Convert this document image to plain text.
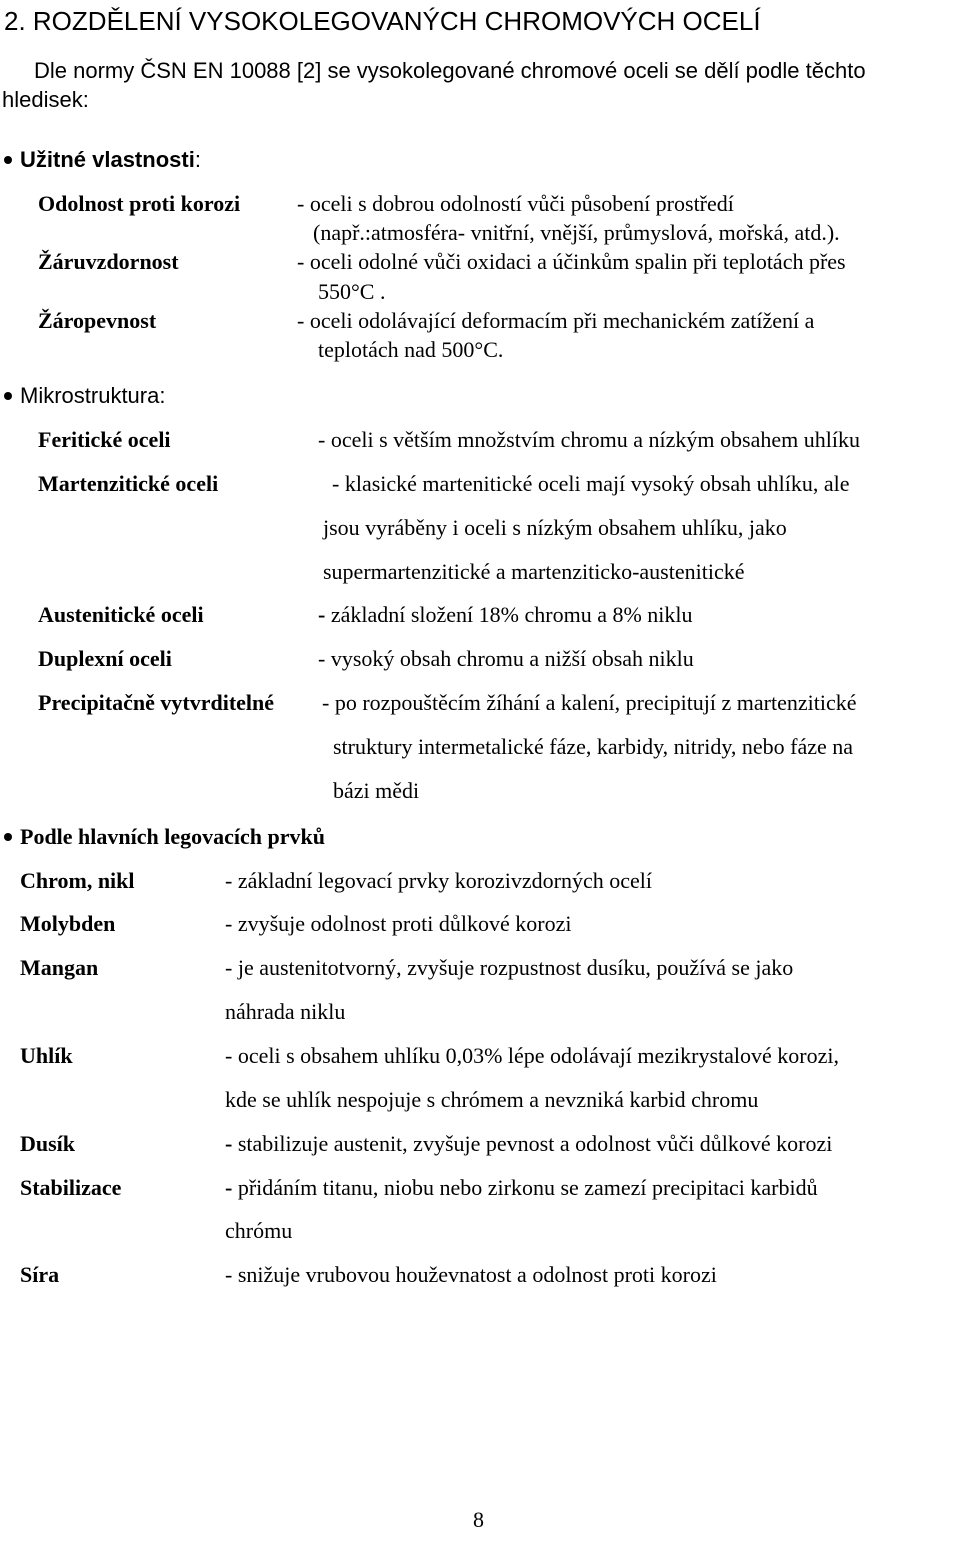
2. ROZDĚLENÍ VYSOKOLEGOVANÝCH CHROMOVÝCH OCELÍ
Dle normy ČSN EN 10088 [2] se vysokolegované chromové oceli se dělí podle těchto
hledisek:
Užitné vlastnosti:
Odolnost proti korozi	- oceli s dobrou odolností vůči působení prostředí
(např.:atmosféra- vnitřní, vnější, průmyslová, mořská, atd.).
Žáruvzdornost	- oceli odolné vůči oxidaci a účinkům spalin při teplotách přes
550°C .
Žáropevnost	- oceli odolávající deformacím při mechanickém zatížení a
teplotách nad 500°C.
Mikrostruktura:
Feritické oceli	- oceli s větším množstvím chromu a nízkým obsahem uhlíku
Martenzitické oceli	- klasické martenitické oceli mají vysoký obsah uhlíku, ale
jsou vyráběny i oceli s nízkým obsahem uhlíku, jako
supermartenzitické a martenziticko-austenitické
Austenitické oceli	- základní složení 18% chromu a 8% niklu
Duplexní oceli	- vysoký obsah chromu a nižší obsah niklu
Precipitačně vytvrditelné - po rozpouštěcím žíhání a kalení, precipitují z martenzitické
struktury intermetalické fáze, karbidy, nitridy, nebo fáze na
bázi mědi
Podle hlavních legovacích prvků
Chrom, nikl	- základní legovací prvky korozivzdorných ocelí
Molybden	- zvyšuje odolnost proti důlkové korozi
Mangan	- je austenitotvorný, zvyšuje rozpustnost dusíku, používá se jako
náhrada niklu
Uhlík	- oceli s obsahem uhlíku 0,03% lépe odolávají mezikrystalové korozi,
kde se uhlík nespojuje s chrómem a nevzniká karbid chromu
Dusík	- stabilizuje austenit, zvyšuje pevnost a odolnost vůči důlkové korozi
Stabilizace	- přidáním titanu, niobu nebo zirkonu se zamezí precipitaci karbidů
chrómu
Síra	- snižuje vrubovou houževnatost a odolnost proti korozi
8
